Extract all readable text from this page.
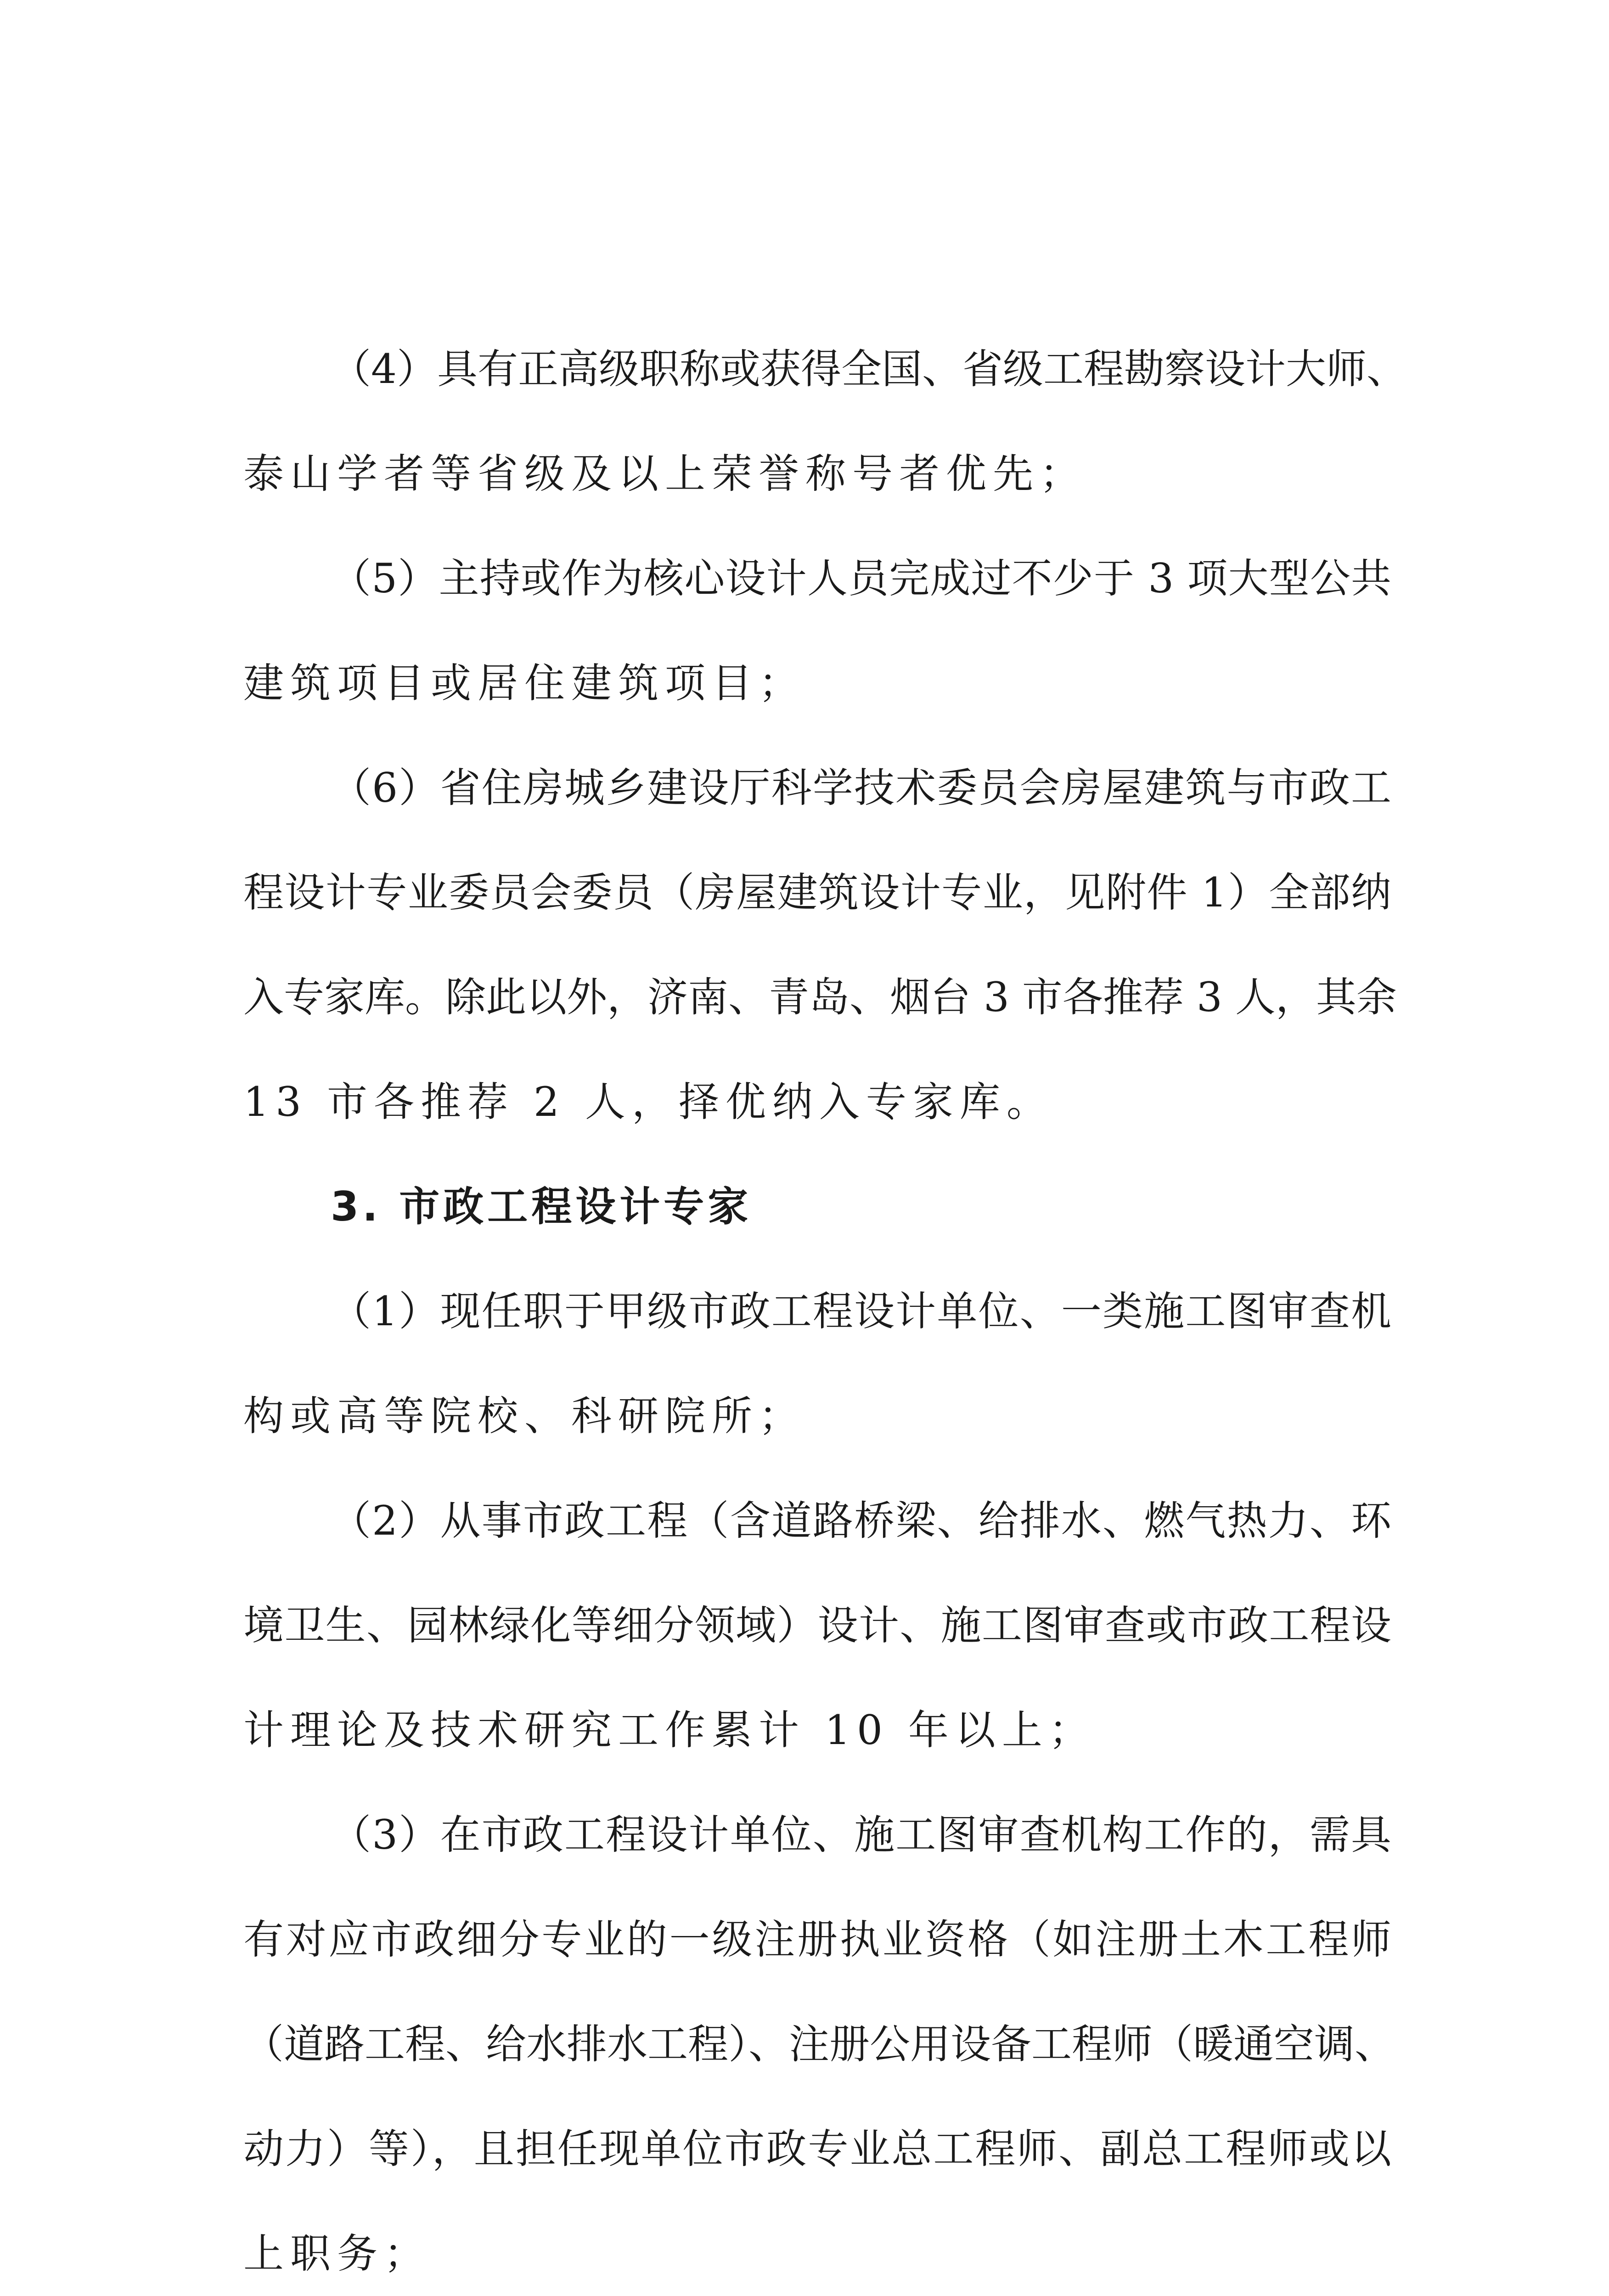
（4）具有正高级职称或获得全国、省级工程勘察设计大师、
泰山学者等省级及以上荣誉称号者优先；
（5）主持或作为核心设计人员完成过不少于 3 项大型公共
建筑项目或居住建筑项目；
（6）省住房城乡建设厅科学技术委员会房屋建筑与市政工
程设计专业委员会委员（房屋建筑设计专业，见附件 1）全部纳
入专家库。除此以外，济南、青岛、烟台 3 市各推荐 3 人，其余
13 市各推荐 2 人，择优纳入专家库。
3. 市政工程设计专家
（1）现任职于甲级市政工程设计单位、一类施工图审查机
构或高等院校、科研院所；
（2）从事市政工程（含道路桥梁、给排水、燃气热力、环
境卫生、园林绿化等细分领域）设计、施工图审查或市政工程设
计理论及技术研究工作累计 10 年以上；
（3）在市政工程设计单位、施工图审查机构工作的，需具
有对应市政细分专业的一级注册执业资格（如注册土木工程师
（道路工程、给水排水工程）、注册公用设备工程师（暖通空调、
动力）等），且担任现单位市政专业总工程师、副总工程师或以
上职务；
